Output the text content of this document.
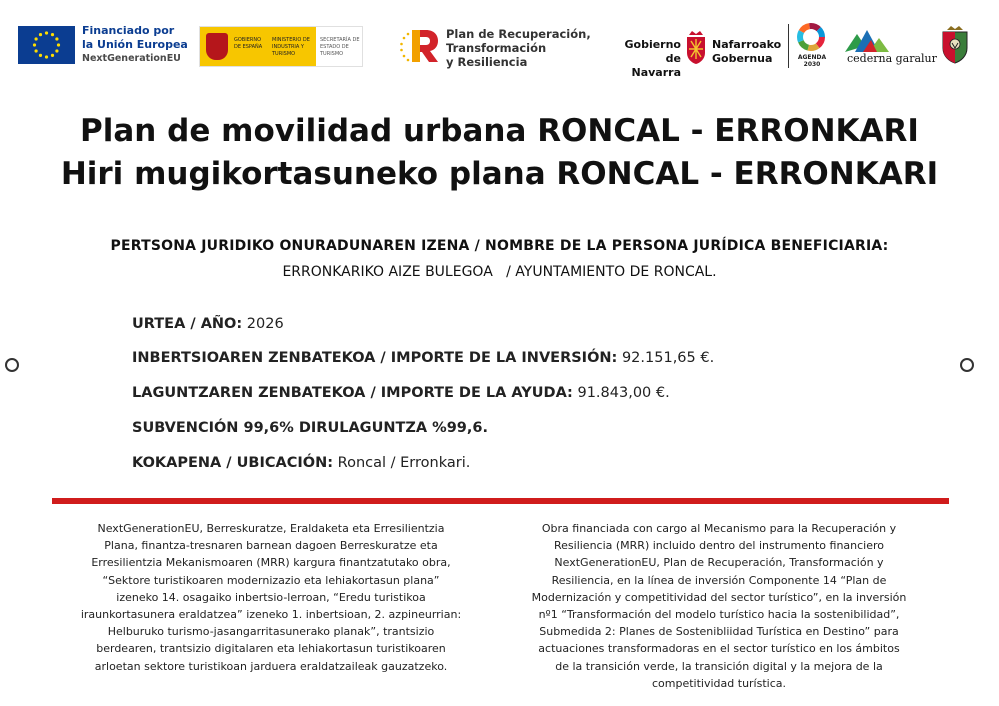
Financiado por
la Unión Europea
NextGenerationEU
GOBIERNO DE ESPAÑA
MINISTERIO DE INDUSTRIA Y TURISMO
SECRETARÍA DE ESTADO DE TURISMO
Plan de Recuperación,
Transformación
y Resiliencia
Gobierno
de Navarra
Nafarroako
Gobernua	AGENDA
2030	cederna garalur
Plan de movilidad urbana RONCAL - ERRONKARI
Hiri mugikortasuneko plana RONCAL - ERRONKARI
PERTSONA JURIDIKO ONURADUNAREN IZENA / NOMBRE DE LA PERSONA JURÍDICA BENEFICIARIA:
ERRONKARIKO AIZE BULEGOA   / AYUNTAMIENTO DE RONCAL.
URTEA / AÑO: 2026
INBERTSIOAREN ZENBATEKOA / IMPORTE DE LA INVERSIÓN: 92.151,65 €.
LAGUNTZAREN ZENBATEKOA / IMPORTE DE LA AYUDA: 91.843,00 €.
SUBVENCIÓN 99,6% DIRULAGUNTZA %99,6.
KOKAPENA / UBICACIÓN: Roncal / Erronkari.
NextGenerationEU, Berreskuratze, Eraldaketa eta Erresilientzia Plana, finantza-tresnaren barnean dagoen Berreskuratze eta Erresilientzia Mekanismoaren (MRR) kargura finantzatutako obra, “Sektore turistikoaren modernizazio eta lehiakortasun plana” izeneko 14. osagaiko inbertsio-lerroan, “Eredu turistikoa iraunkortasunera eraldatzea” izeneko 1. inbertsioan, 2. azpineurrian: Helburuko turismo-jasangarritasunerako planak”, trantsizio berdearen, trantsizio digitalaren eta lehiakortasun turistikoaren arloetan sektore turistikoan jarduera eraldatzaileak gauzatzeko.
Obra financiada con cargo al Mecanismo para la Recuperación y Resiliencia (MRR) incluido dentro del instrumento financiero NextGenerationEU, Plan de Recuperación, Transformación y Resiliencia, en la línea de inversión Componente 14 “Plan de Modernización y competitividad del sector turístico”, en la inversión nº1 “Transformación del modelo turístico hacia la sostenibilidad”, Submedida 2: Planes de Sostenibliidad Turística en Destino” para actuaciones transformadoras en el sector turístico en los ámbitos de la transición verde, la transición digital y la mejora de la competitividad turística.
